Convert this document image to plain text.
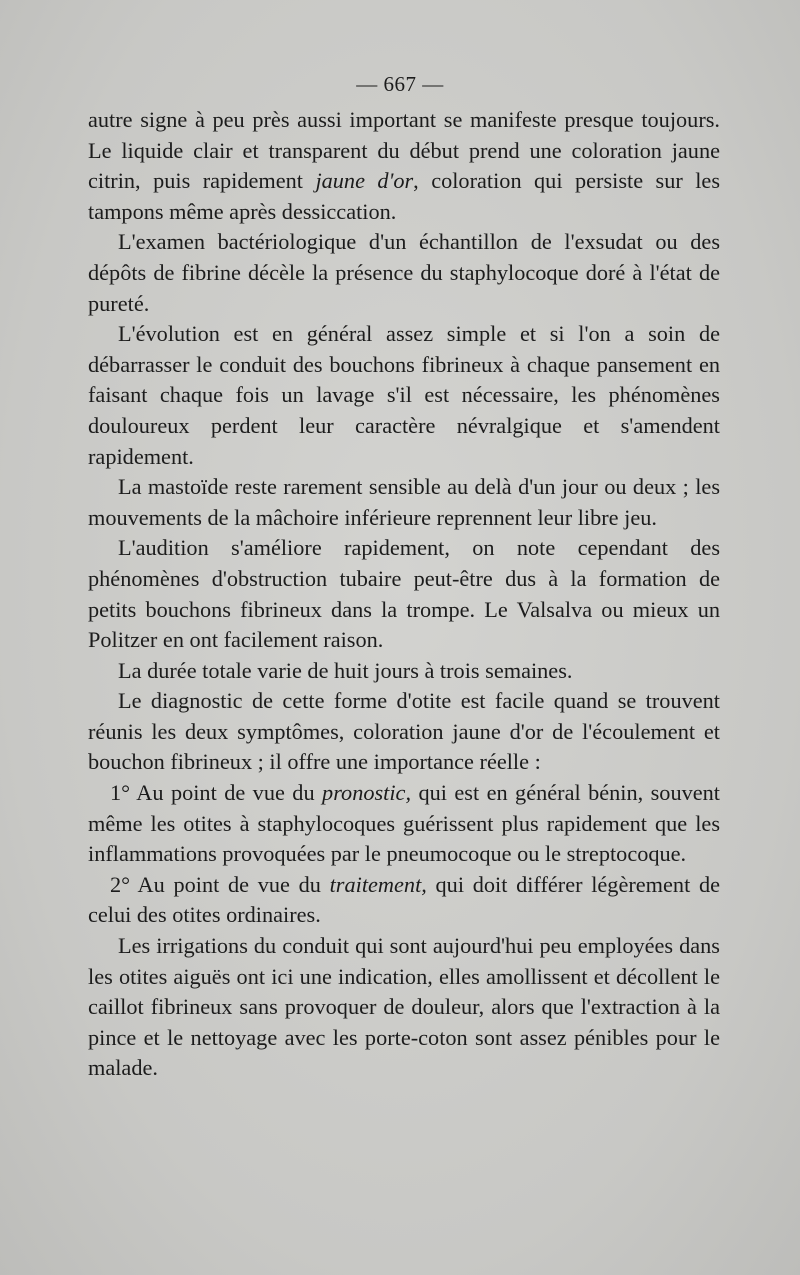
— 667 —

autre signe à peu près aussi important se manifeste presque toujours. Le liquide clair et transparent du début prend une coloration jaune citrin, puis rapidement jaune d'or, coloration qui persiste sur les tampons même après dessiccation.

L'examen bactériologique d'un échantillon de l'exsudat ou des dépôts de fibrine décèle la présence du staphylocoque doré à l'état de pureté.

L'évolution est en général assez simple et si l'on a soin de débarrasser le conduit des bouchons fibrineux à chaque pansement en faisant chaque fois un lavage s'il est nécessaire, les phénomènes douloureux perdent leur caractère névralgique et s'amendent rapidement.

La mastoïde reste rarement sensible au delà d'un jour ou deux ; les mouvements de la mâchoire inférieure reprennent leur libre jeu.

L'audition s'améliore rapidement, on note cependant des phénomènes d'obstruction tubaire peut-être dus à la formation de petits bouchons fibrineux dans la trompe. Le Valsalva ou mieux un Politzer en ont facilement raison.

La durée totale varie de huit jours à trois semaines.

Le diagnostic de cette forme d'otite est facile quand se trouvent réunis les deux symptômes, coloration jaune d'or de l'écoulement et bouchon fibrineux ; il offre une importance réelle :

1° Au point de vue du pronostic, qui est en général bénin, souvent même les otites à staphylocoques guérissent plus rapidement que les inflammations provoquées par le pneumocoque ou le streptocoque.

2° Au point de vue du traitement, qui doit différer légèrement de celui des otites ordinaires.

Les irrigations du conduit qui sont aujourd'hui peu employées dans les otites aiguës ont ici une indication, elles amollissent et décollent le caillot fibrineux sans provoquer de douleur, alors que l'extraction à la pince et le nettoyage avec les porte-coton sont assez pénibles pour le malade.
